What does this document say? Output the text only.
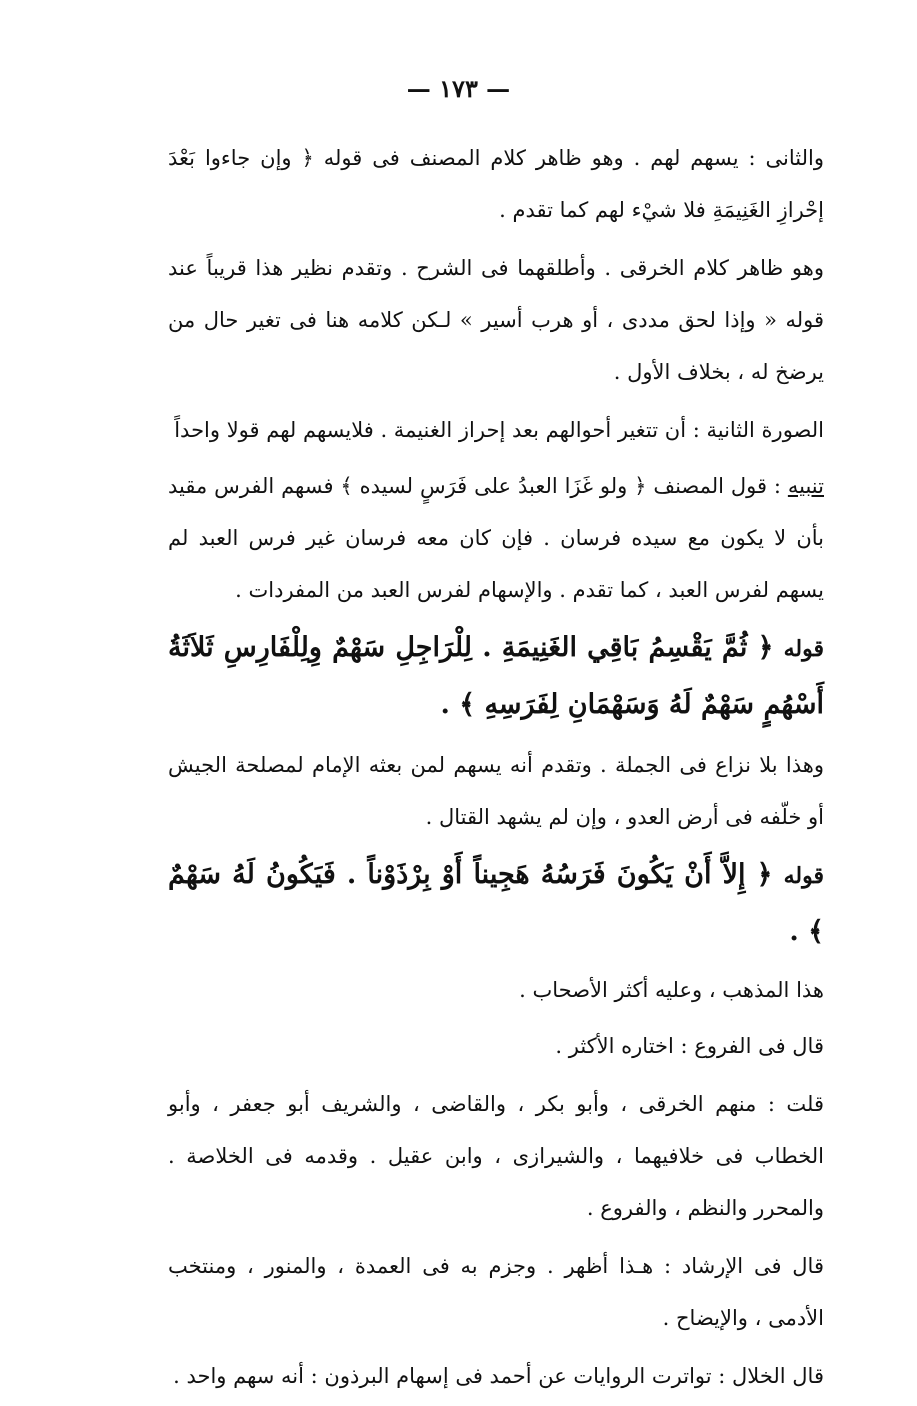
— ١٧٣ —

والثانى : يسهم لهم . وهو ظاهر كلام المصنف فى قوله ﴿ وإن جاءوا بَعْدَ إحْرازِ الغَنِيمَةِ فلا شيْء لهم كما تقدم .

وهو ظاهر كلام الخرقى . وأطلقهما فى الشرح . وتقدم نظير هذا قريباً عند قوله « وإذا لحق مددى ، أو هرب أسير » لـكن كلامه هنا فى تغير حال من يرضخ له ، بخلاف الأول .

الصورة الثانية : أن تتغير أحوالهم بعد إحراز الغنيمة . فلايسهم لهم قولا واحداً

تنبيه : قول المصنف ﴿ ولو غَزَا العبدُ على فَرَسٍ لسيده ﴾ فسهم الفرس مقيد بأن لا يكون مع سيده فرسان . فإن كان معه فرسان غير فرس العبد لم يسهم لفرس العبد ، كما تقدم . والإسهام لفرس العبد من المفردات .

قوله ﴿ ثُمَّ يَقْسِمُ بَاقِي الغَنِيمَةِ . لِلْرَاجِلِ سَهْمٌ وِلِلْفَارِسِ ثَلاَثَةُ أَسْهُمٍ سَهْمٌ لَهُ وَسَهْمَانِ لِفَرَسِهِ ﴾ .

وهذا بلا نزاع فى الجملة . وتقدم أنه يسهم لمن بعثه الإمام لمصلحة الجيش أو خلّفه فى أرض العدو ، وإن لم يشهد القتال .

قوله ﴿ إِلاَّ أَنْ يَكُونَ فَرَسُهُ هَجِيناً أَوْ بِرْذَوْناً . فَيَكُونُ لَهُ سَهْمٌ ﴾ .

هذا المذهب ، وعليه أكثر الأصحاب .

قال فى الفروع : اختاره الأكثر .

قلت : منهم الخرقى ، وأبو بكر ، والقاضى ، والشريف أبو جعفر ، وأبو الخطاب فى خلافيهما ، والشيرازى ، وابن عقيل . وقدمه فى الخلاصة . والمحرر والنظم ، والفروع .

قال فى الإرشاد : هـذا أظهر . وجزم به فى العمدة ، والمنور ، ومنتخب الأدمى ، والإيضاح .

قال الخلال : تواترت الروايات عن أحمد فى إسهام البرذون : أنه سهم واحد .
